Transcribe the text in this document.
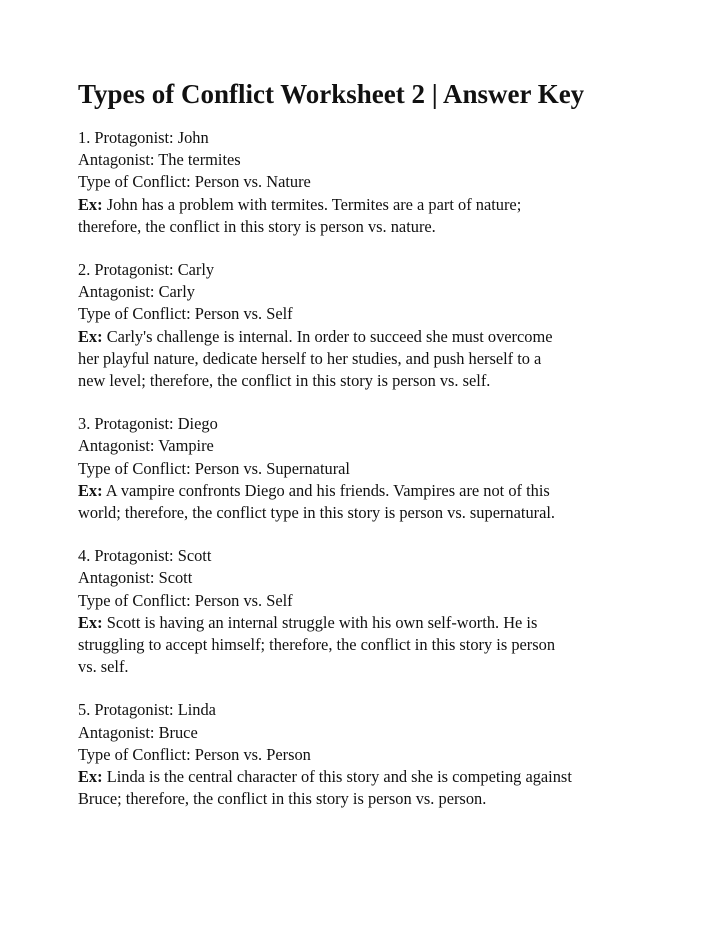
Types of Conflict Worksheet 2 | Answer Key
1. Protagonist: John
Antagonist: The termites
Type of Conflict: Person vs. Nature
Ex: John has a problem with termites. Termites are a part of nature;
therefore, the conflict in this story is person vs. nature.
2. Protagonist: Carly
Antagonist: Carly
Type of Conflict: Person vs. Self
Ex: Carly's challenge is internal. In order to succeed she must overcome
her playful nature, dedicate herself to her studies, and push herself to a
new level; therefore, the conflict in this story is person vs. self.
3. Protagonist: Diego
Antagonist: Vampire
Type of Conflict: Person vs. Supernatural
Ex: A vampire confronts Diego and his friends. Vampires are not of this
world; therefore, the conflict type in this story is person vs. supernatural.
4. Protagonist: Scott
Antagonist: Scott
Type of Conflict: Person vs. Self
Ex: Scott is having an internal struggle with his own self-worth. He is
struggling to accept himself; therefore, the conflict in this story is person
vs. self.
5. Protagonist: Linda
Antagonist: Bruce
Type of Conflict: Person vs. Person
Ex: Linda is the central character of this story and she is competing against
Bruce; therefore, the conflict in this story is person vs. person.
